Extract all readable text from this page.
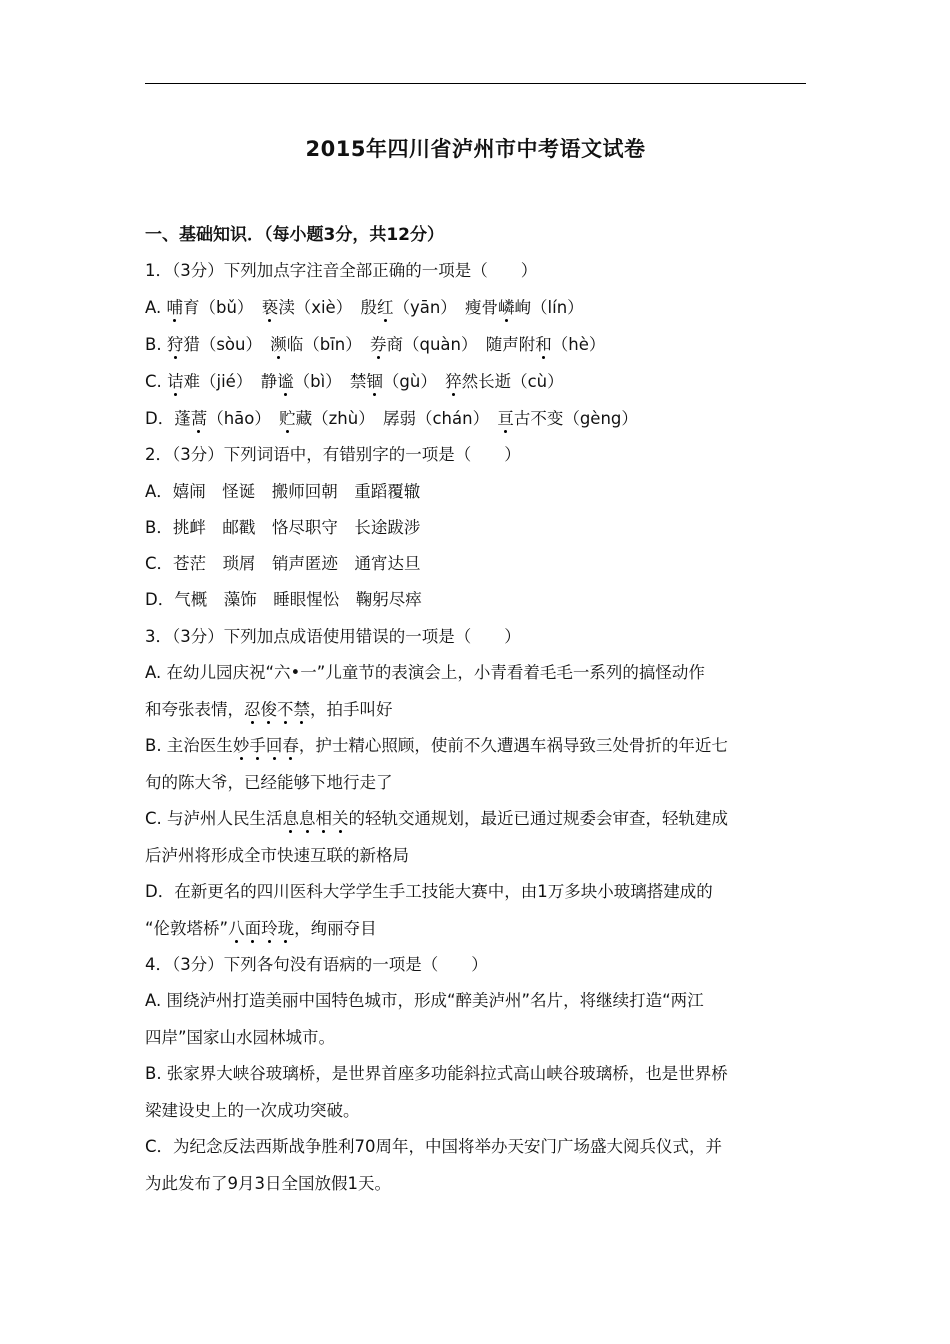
2015年四川省泸州市中考语文试卷
一、基础知识．（每小题3分，共12分）
1．（3分）下列加点字注音全部正确的一项是（　　）
A. 哺育（bǔ）　亵渎（xiè）　殷红（yān）　瘦骨嶙峋（lín）
B. 狩猎（sòu）　濒临（bīn）　券商（quàn）　随声附和（hè）
C. 诘难（jié）　静谧（bì）　禁锢（gù）　猝然长逝（cù）
D．蓬蒿（hāo）　贮藏（zhù）　孱弱（chán）　亘古不变（gèng）
2．（3分）下列词语中，有错别字的一项是（　　）
A．嬉闹　怪诞　搬师回朝　重蹈覆辙
B．挑衅　邮戳　恪尽职守　长途跋涉
C．苍茫　琐屑　销声匿迹　通宵达旦
D．气概　藻饰　睡眼惺忪　鞠躬尽瘁
3．（3分）下列加点成语使用错误的一项是（　　）
A. 在幼儿园庆祝“六•一”儿童节的表演会上，小青看着毛毛一系列的搞怪动作
和夸张表情，忍俊不禁，拍手叫好
B. 主治医生妙手回春，护士精心照顾，使前不久遭遇车祸导致三处骨折的年近七
旬的陈大爷，已经能够下地行走了
C. 与泸州人民生活息息相关的轻轨交通规划，最近已通过规委会审查，轻轨建成
后泸州将形成全市快速互联的新格局
D．在新更名的四川医科大学学生手工技能大赛中，由1万多块小玻璃搭建成的
“伦敦塔桥”八面玲珑，绚丽夺目
4．（3分）下列各句没有语病的一项是（　　）
A. 围绕泸州打造美丽中国特色城市，形成“醉美泸州”名片，将继续打造“两江
四岸”国家山水园林城市。
B. 张家界大峡谷玻璃桥，是世界首座多功能斜拉式高山峡谷玻璃桥，也是世界桥
梁建设史上的一次成功突破。
C．为纪念反法西斯战争胜利70周年，中国将举办天安门广场盛大阅兵仪式，并
为此发布了9月3日全国放假1天。
